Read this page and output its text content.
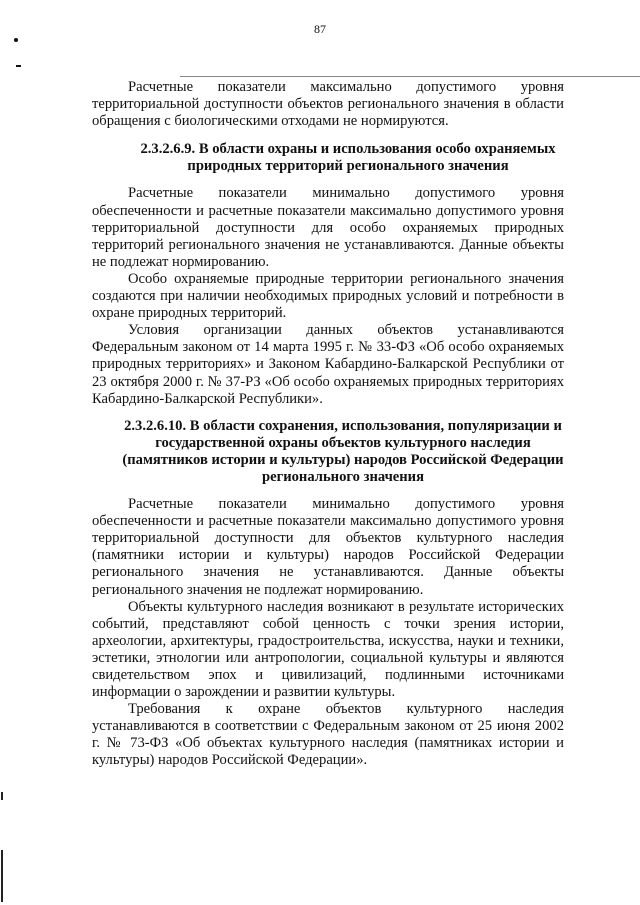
87

Расчетные показатели максимально допустимого уровня территориальной доступности объектов регионального значения в области обращения с биологическими отходами не нормируются.

2.3.2.6.9. В области охраны и использования особо охраняемых природных территорий регионального значения

Расчетные показатели минимально допустимого уровня обеспеченности и расчетные показатели максимально допустимого уровня территориальной доступности для особо охраняемых природных территорий регионального значения не устанавливаются. Данные объекты не подлежат нормированию.

Особо охраняемые природные территории регионального значения создаются при наличии необходимых природных условий и потребности в охране природных территорий.

Условия организации данных объектов устанавливаются Федеральным законом от 14 марта 1995 г. № 33-ФЗ «Об особо охраняемых природных территориях» и Законом Кабардино-Балкарской Республики от 23 октября 2000 г. № 37-РЗ «Об особо охраняемых природных территориях Кабардино-Балкарской Республики».

2.3.2.6.10. В области сохранения, использования, популяризации и государственной охраны объектов культурного наследия (памятников истории и культуры) народов Российской Федерации регионального значения

Расчетные показатели минимально допустимого уровня обеспеченности и расчетные показатели максимально допустимого уровня территориальной доступности для объектов культурного наследия (памятники истории и культуры) народов Российской Федерации регионального значения не устанавливаются. Данные объекты регионального значения не подлежат нормированию.

Объекты культурного наследия возникают в результате исторических событий, представляют собой ценность с точки зрения истории, археологии, архитектуры, градостроительства, искусства, науки и техники, эстетики, этнологии или антропологии, социальной культуры и являются свидетельством эпох и цивилизаций, подлинными источниками информации о зарождении и развитии культуры.

Требования к охране объектов культурного наследия устанавливаются в соответствии с Федеральным законом от 25 июня 2002 г. № 73-ФЗ «Об объектах культурного наследия (памятниках истории и культуры) народов Российской Федерации».
